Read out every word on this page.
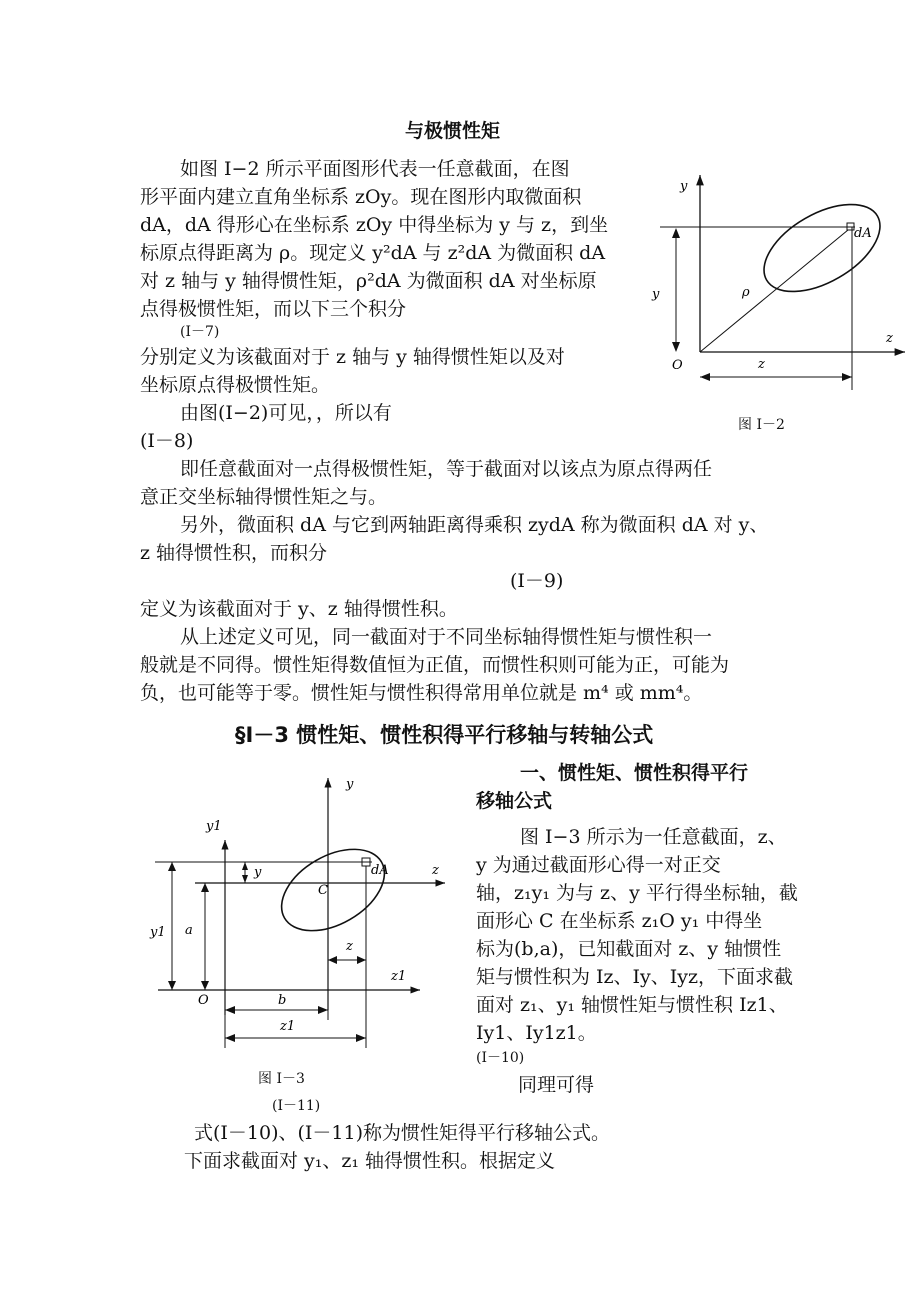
与极惯性矩
如图 I−2 所示平面图形代表一任意截面，在图
形平面内建立直角坐标系 zOy。现在图形内取微面积
dA，dA 得形心在坐标系 zOy 中得坐标为 y 与 z，到坐
标原点得距离为 ρ。现定义 y²dA 与 z²dA 为微面积 dA
对 z 轴与 y 轴得惯性矩，ρ²dA 为微面积 dA 对坐标原
点得极惯性矩，而以下三个积分
(I－7)
分别定义为该截面对于 z 轴与 y 轴得惯性矩以及对
坐标原点得极惯性矩。
由图(I−2)可见，，所以有
(I－8)
y
z
O
dA
y
z
ρ
图 I－2
即任意截面对一点得极惯性矩，等于截面对以该点为原点得两任
意正交坐标轴得惯性矩之与。
另外，微面积 dA 与它到两轴距离得乘积 zydA 称为微面积 dA 对 y、
z 轴得惯性积，而积分
(I－9)
定义为该截面对于 y、z 轴得惯性积。
从上述定义可见，同一截面对于不同坐标轴得惯性矩与惯性积一
般就是不同得。惯性矩得数值恒为正值，而惯性积则可能为正，可能为
负，也可能等于零。惯性矩与惯性积得常用单位就是 m⁴ 或 mm⁴。
§I－3 惯性矩、惯性积得平行移轴与转轴公式
一、惯性矩、惯性积得平行
移轴公式
图 I−3 所示为一任意截面，z、
y 为通过截面形心得一对正交
轴，z₁y₁ 为与 z、y 平行得坐标轴，截
面形心 C 在坐标系 z₁O y₁ 中得坐
标为(b,a)，已知截面对 z、y 轴惯性
矩与惯性积为 Iz、Iy、Iyz，下面求截
面对 z₁、y₁ 轴惯性矩与惯性积 Iz1、
Iy1、Iy1z1。
(I－10)
同理可得
y
y1
z
z1
O
C
dA
y
y1 a
z
b
z1
图 I－3
(I－11)
式(I－10)、(I－11)称为惯性矩得平行移轴公式。
下面求截面对 y₁、z₁ 轴得惯性积。根据定义
